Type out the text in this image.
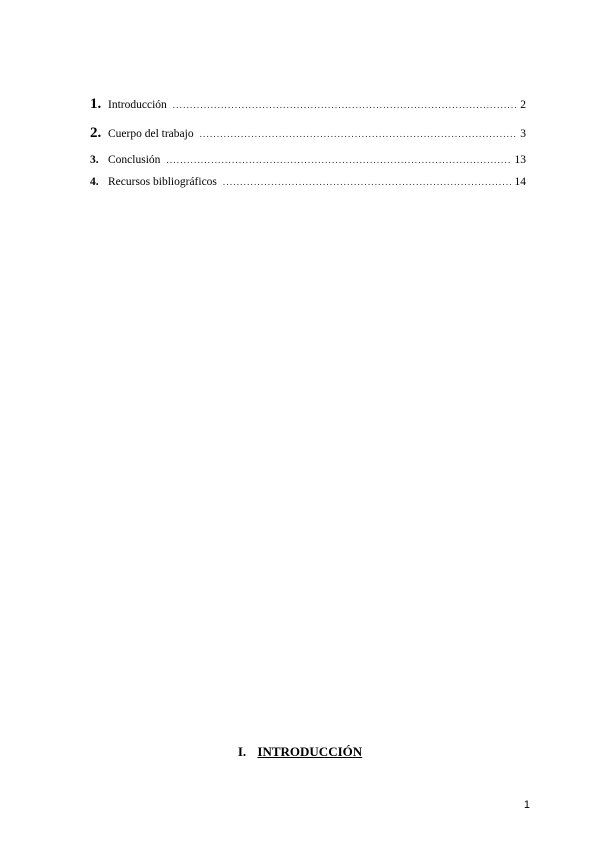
1. Introducción .....	2
2. Cuerpo del trabajo .....	3
3. Conclusión .....	13
4. Recursos bibliográficos .....	14
I. INTRODUCCIÓN
1
